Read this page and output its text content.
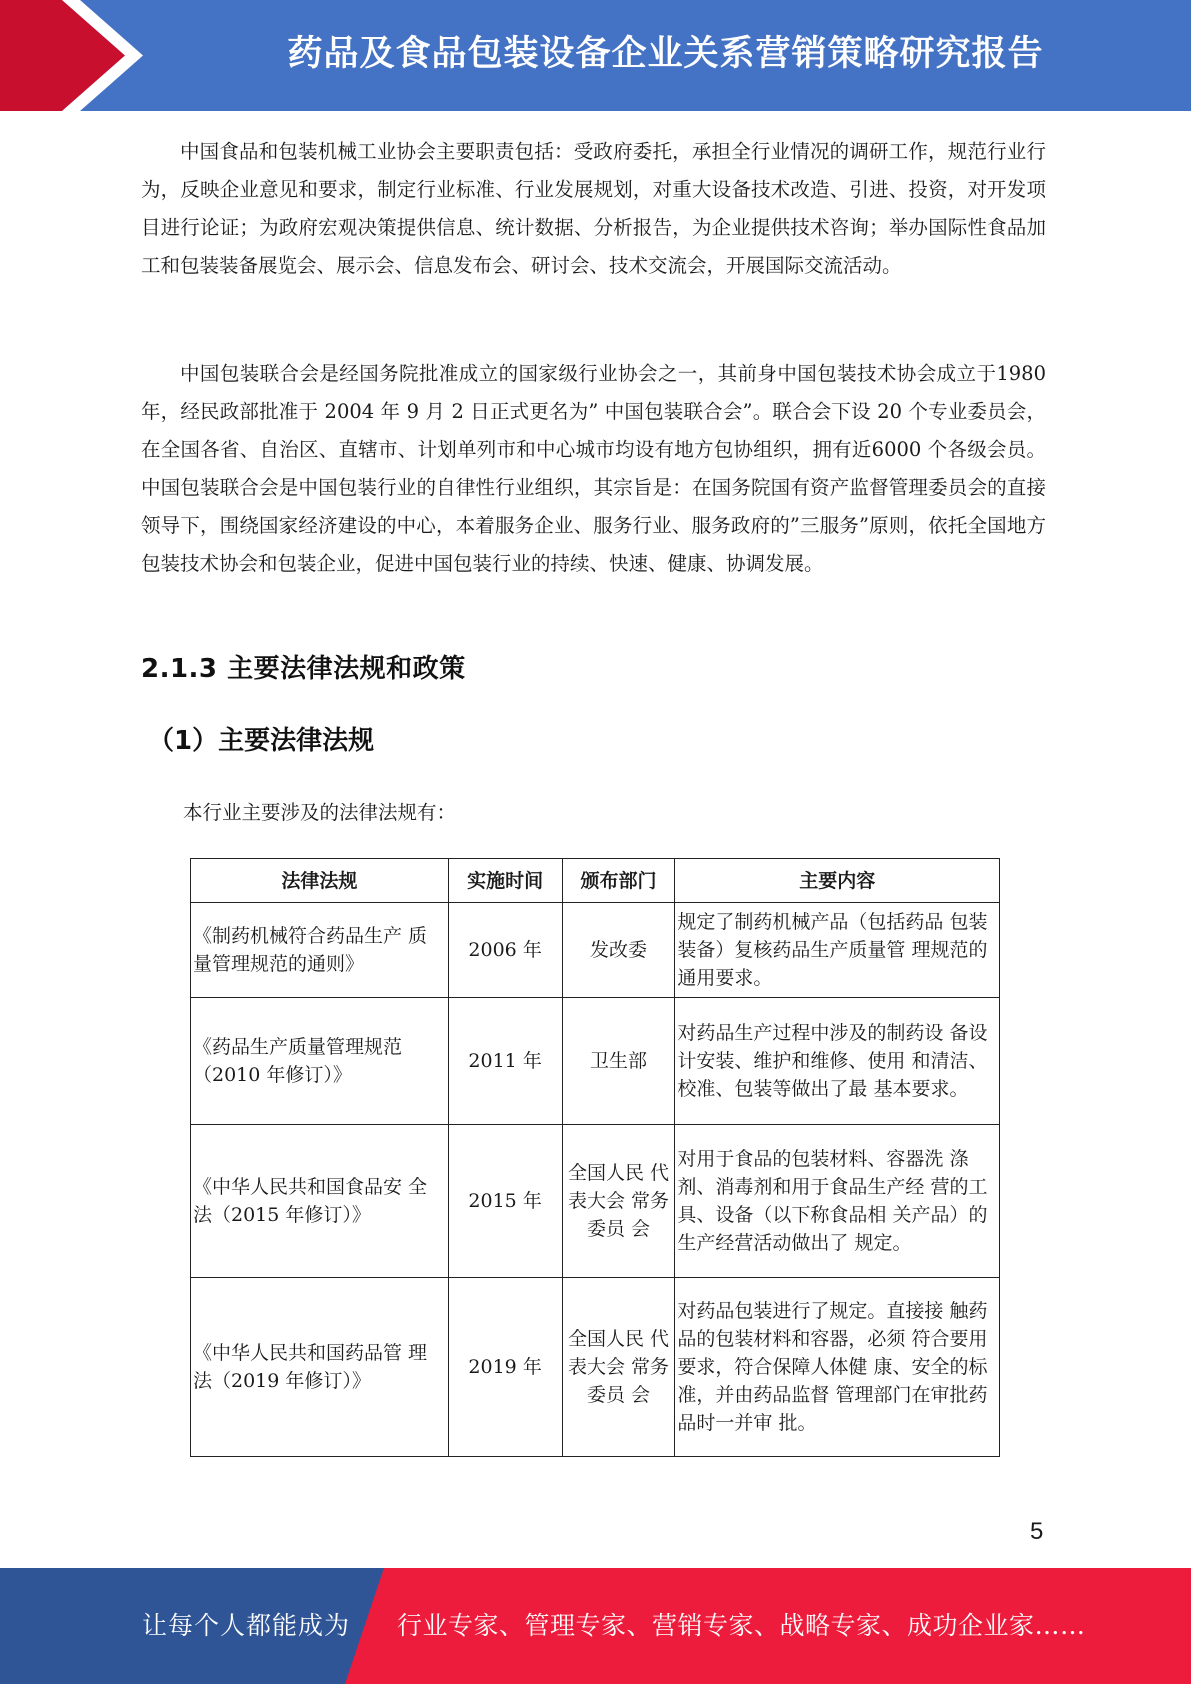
药品及食品包装设备企业关系营销策略研究报告

中国食品和包装机械工业协会主要职责包括：受政府委托，承担全行业情况的调研工作，规范行业行为，反映企业意见和要求，制定行业标准、行业发展规划，对重大设备技术改造、引进、投资，对开发项目进行论证；为政府宏观决策提供信息、统计数据、分析报告，为企业提供技术咨询；举办国际性食品加工和包装装备展览会、展示会、信息发布会、研讨会、技术交流会，开展国际交流活动。

中国包装联合会是经国务院批准成立的国家级行业协会之一，其前身中国包装技术协会成立于1980 年，经民政部批准于 2004 年 9 月 2 日正式更名为” 中国包装联合会”。联合会下设 20 个专业委员会，在全国各省、自治区、直辖市、计划单列市和中心城市均设有地方包协组织，拥有近6000 个各级会员。中国包装联合会是中国包装行业的自律性行业组织，其宗旨是：在国务院国有资产监督管理委员会的直接领导下，围绕国家经济建设的中心，本着服务企业、服务行业、服务政府的”三服务”原则，依托全国地方包装技术协会和包装企业，促进中国包装行业的持续、快速、健康、协调发展。

2.1.3 主要法律法规和政策
（1）主要法律法规

本行业主要涉及的法律法规有：

法律法规	实施时间	颁布部门	主要内容
《制药机械符合药品生产 质量管理规范的通则》	2006 年	发改委	规定了制药机械产品（包括药品 包装装备）复核药品生产质量管 理规范的通用要求。
《药品生产质量管理规范（2010 年修订）》	2011 年	卫生部	对药品生产过程中涉及的制药设 备设计安装、维护和维修、使用 和清洁、校准、包装等做出了最 基本要求。
《中华人民共和国食品安 全法（2015 年修订）》	2015 年	全国人民 代表大会 常务委员 会	对用于食品的包装材料、容器洗 涤剂、消毒剂和用于食品生产经 营的工具、设备（以下称食品相 关产品）的生产经营活动做出了 规定。
《中华人民共和国药品管 理法（2019 年修订）》	2019 年	全国人民 代表大会 常务委员 会	对药品包装进行了规定。直接接 触药品的包装材料和容器，必须 符合要用要求，符合保障人体健 康、安全的标准，并由药品监督 管理部门在审批药品时一并审 批。
5
让每个人都能成为 行业专家、管理专家、营销专家、战略专家、成功企业家……
